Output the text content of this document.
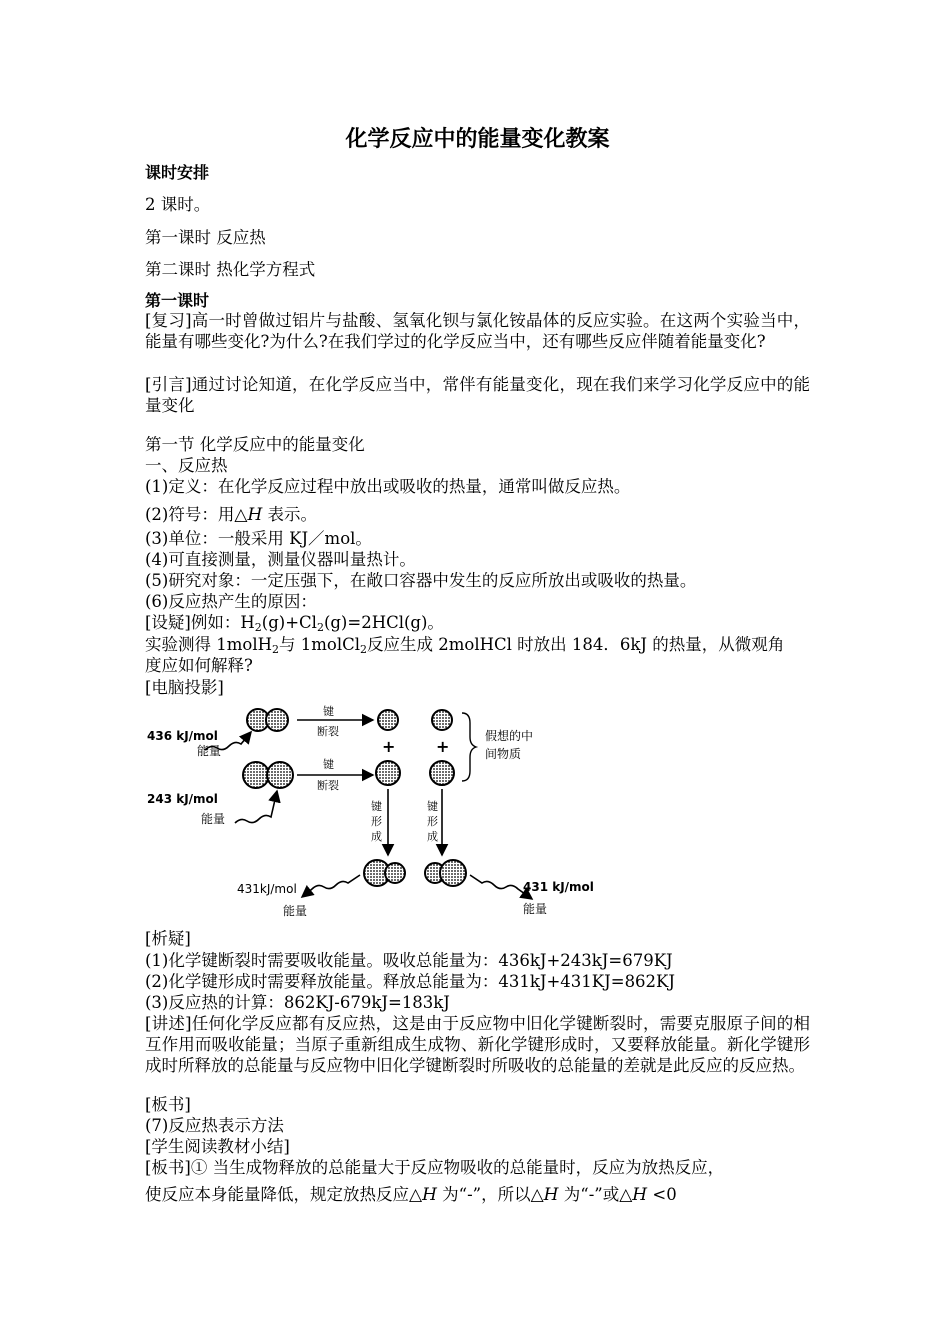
化学反应中的能量变化教案
课时安排
2 课时。
第一课时 反应热
第二课时 热化学方程式
第一课时
[复习]高一时曾做过铝片与盐酸、氢氧化钡与氯化铵晶体的反应实验。在这两个实验当中，能量有哪些变化?为什么?在我们学过的化学反应当中，还有哪些反应伴随着能量变化?
[引言]通过讨论知道，在化学反应当中，常伴有能量变化，现在我们来学习化学反应中的能量变化
第一节 化学反应中的能量变化
一、反应热
(1)定义：在化学反应过程中放出或吸收的热量，通常叫做反应热。
(2)符号：用△H 表示。
(3)单位：一般采用 KJ／mol。
(4)可直接测量，测量仪器叫量热计。
(5)研究对象：一定压强下，在敞口容器中发生的反应所放出或吸收的热量。
(6)反应热产生的原因：
[设疑]例如：$H_2(g)+Cl_2(g)=2HCl(g)$。
实验测得 1molH$_2$与 1molCl$_2$反应生成 2molHCl 时放出 184．6kJ 的热量，从微观角
度应如何解释?
[电脑投影]
436 kJ/mol
能量
243 kJ/mol
能量
键
断裂
键
断裂
+	+
假想的中
间物质
键
形
成
键
形
成
431kJ/mol
能量
431 kJ/mol
能量
[析疑]
(1)化学键断裂时需要吸收能量。吸收总能量为：436kJ+243kJ=679KJ
(2)化学键形成时需要释放能量。释放总能量为：431kJ+431KJ=862KJ
(3)反应热的计算：862KJ-679kJ=183kJ
[讲述]任何化学反应都有反应热，这是由于反应物中旧化学键断裂时，需要克服原子间的相互作用而吸收能量；当原子重新组成生成物、新化学键形成时，又要释放能量。新化学键形成时所释放的总能量与反应物中旧化学键断裂时所吸收的总能量的差就是此反应的反应热。
[板书]
(7)反应热表示方法
[学生阅读教材小结]
[板书]① 当生成物释放的总能量大于反应物吸收的总能量时，反应为放热反应，
使反应本身能量降低，规定放热反应△H 为“-”，所以△H 为“-”或△H <0
